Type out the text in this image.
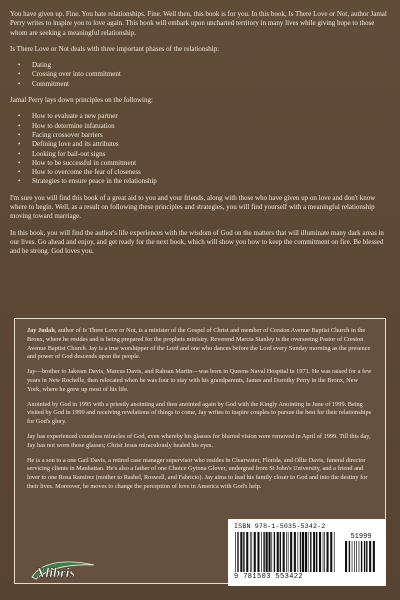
You have given up. Fine. You hate relationships. Fine. Well then, this book is for you. In this book, Is There Love or Not, author Jamal Perry writes to inspire you to love again. This book will embark upon uncharted territory in many lives while giving hope to those whom are seeking a meaningful relationship.

Is There Love or Not deals with three important phases of the relationship:

• Dating
• Crossing over into commitment
• Commitment

Jamal Perry lays down principles on the following:

• How to evaluate a new partner
• How to determine infatuation
• Facing crossover barriers
• Defining love and its attributes
• Looking for bail-out signs
• How to be successful in commitment
• How to overcome the fear of closeness
• Strategies to ensure peace in the relationship

I'm sure you will find this book of a great aid to you and your friends, along with those who have given up on love and don't know where to begin. Well, as a result on following these principles and strategies, you will find yourself with a meaningful relationship moving toward marriage.

In this book, you will find the author's life experiences with the wisdom of God on the matters that will illuminate many dark areas in our lives. Go ahead and enjoy, and get ready for the next book, which will show you how to keep the commitment on fire. Be blessed and be strong. God loves you.

Jay Judah, author of Is There Love or Not, is a minister of the Gospel of Christ and member of Creston Avenue Baptist Church in the Bronx, where he resides and is being prepared for the prophets ministry. Reverend Marcia Stanley is the overseeing Pastor of Creston Avenue Baptist Church. Jay is a true worshipper of the Lord and one who dances before the Lord every Sunday morning as the presence and power of God descends upon the people.

Jay—brother to Jakeam Davis, Marcus Davis, and Rahsan Martin—was born in Queens Naval Hospital in 1971. He was raised for a few years in New Rochelle, then relocated when he was four to stay with his grandparents, James and Dorothy Perry in the Bronx, New York, where he grew up most of his life.

Anointed by God in 1995 with a priestly anointing and then anointed again by God with the Kingly Anointing in June of 1999. Being visited by God in 1999 and receiving revelations of things to come, Jay writes to inspire couples to pursue the best for their relationships for God's glory.

Jay has experienced countless miracles of God, even whereby his glasses for blurred vision were removed in April of 1999. Till this day, Jay has not worn those glasses; Christ Jesus miraculously healed his eyes.

He is a son to a one Gail Davis, a retired case manager supervisor who resides in Clearwater, Florida, and Ollie Davis, funeral director servicing clients in Manhattan. He's also a father of one Choice Gytona Glover, undergrad from St John's University, and a friend and lover to one Rosa Ramirez (mother to Rashel, Roswell, and Fabricio). Jay aims to lead his family closer to God and into the destiny for their lives. Moreover, he moves to change the perception of love in America with God's help.

Xlibris
ISBN 978-1-5035-5342-2
51999
9 781503 553422
